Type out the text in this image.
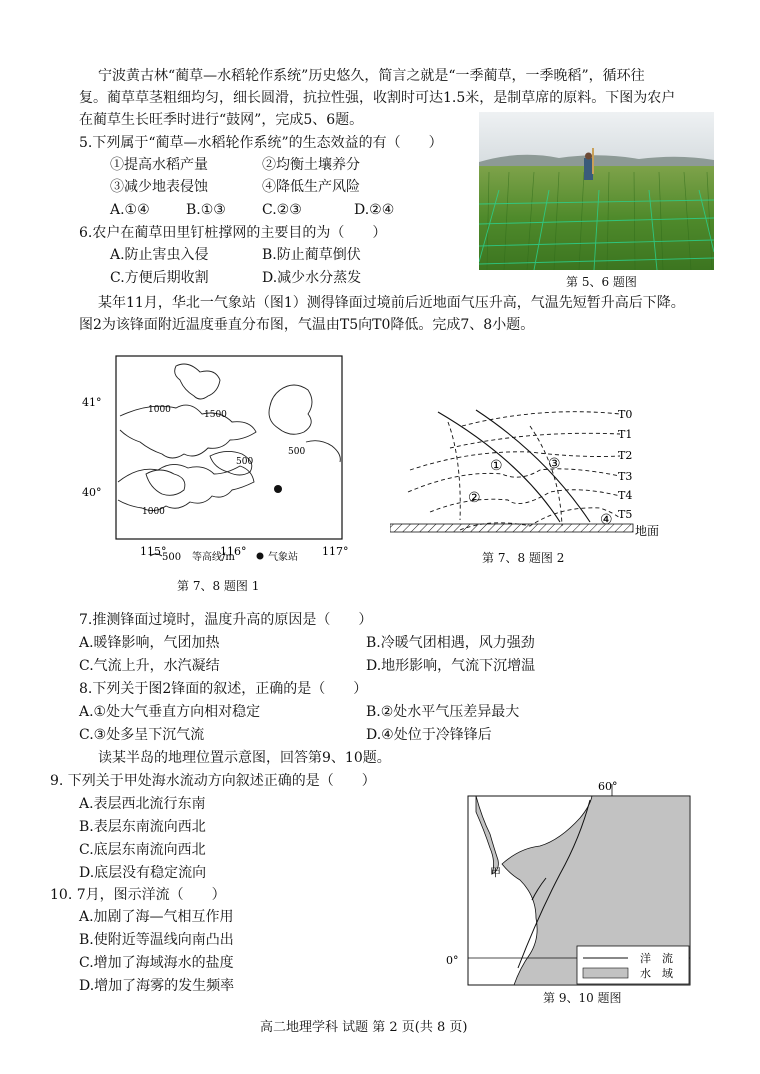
宁波黄古林“蔺草—水稻轮作系统”历史悠久，简言之就是“一季蔺草，一季晚稻”，循环往
复。蔺草草茎粗细均匀，细长圆滑，抗拉性强，收割时可达1.5米，是制草席的原料。下图为农户
在蔺草生长旺季时进行“鼓网”，完成5、6题。
5.下列属于“蔺草—水稻轮作系统”的生态效益的有（　　）
①提高水稻产量	②均衡土壤养分
③减少地表侵蚀	④降低生产风险
A.①④	B.①③	C.②③	D.②④
6.农户在蔺草田里钉桩撑网的主要目的为（　　）
A.防止害虫入侵	B.防止蔺草倒伏
C.方便后期收割	D.减少水分蒸发	第 5、6 题图
某年11月，华北一气象站（图1）测得锋面过境前后近地面气压升高，气温先短暂升高后下降。
图2为该锋面附近温度垂直分布图，气温由T5向T0降低。完成7、8小题。
41°
40°
115°	116°	117°
1000	1500
500
500
1000
500 等高线/m	气象站
第 7、8 题图 1
T0
T1
T2
T3
T4
T5
①
②
③
④
地面
第 7、8 题图 2
7.推测锋面过境时，温度升高的原因是（　　）
A.暖锋影响，气团加热	B.冷暖气团相遇，风力强劲
C.气流上升，水汽凝结	D.地形影响，气流下沉增温
8.下列关于图2锋面的叙述，正确的是（　　）
A.①处大气垂直方向相对稳定	B.②处水平气压差异最大
C.③处多呈下沉气流	D.④处位于冷锋锋后
读某半岛的地理位置示意图，回答第9、10题。
9. 下列关于甲处海水流动方向叙述正确的是（　　）
A.表层西北流行东南
B.表层东南流向西北
C.底层东南流向西北
D.底层没有稳定流向
10. 7月，图示洋流（　　）
A.加剧了海—气相互作用
B.使附近等温线向南凸出
C.增加了海域海水的盐度
D.增加了海雾的发生频率
60°
0°
甲
洋　流
水　域
第 9、10 题图
高二地理学科 试题 第 2 页(共 8 页)
